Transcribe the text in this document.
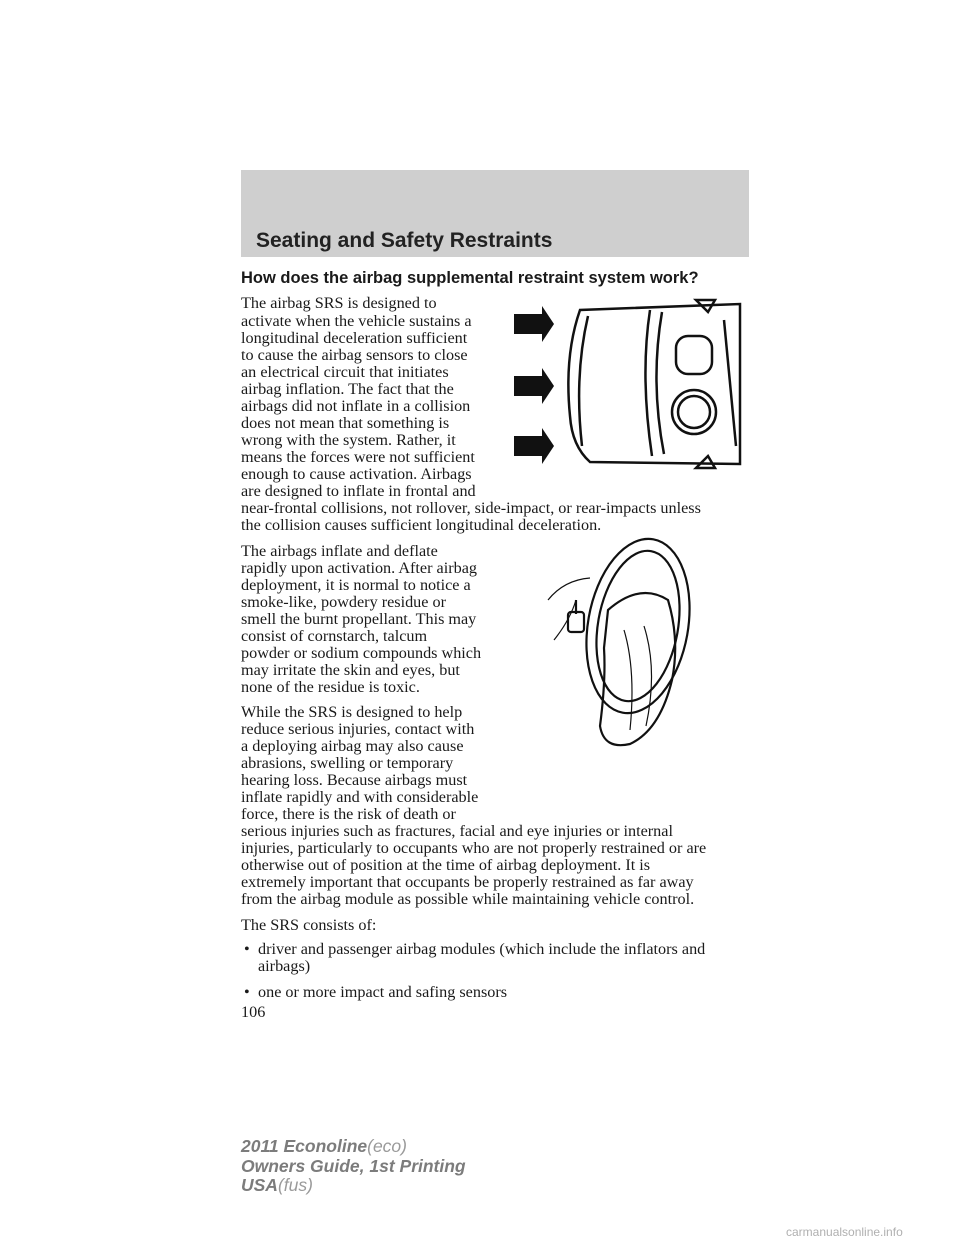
Seating and Safety Restraints
How does the airbag supplemental restraint system work?
The airbag SRS is designed to
activate when the vehicle sustains a
longitudinal deceleration sufficient
to cause the airbag sensors to close
an electrical circuit that initiates
airbag inflation. The fact that the
airbags did not inflate in a collision
does not mean that something is
wrong with the system. Rather, it
means the forces were not sufficient
enough to cause activation. Airbags
are designed to inflate in frontal and
near-frontal collisions, not rollover, side-impact, or rear-impacts unless
the collision causes sufficient longitudinal deceleration.
The airbags inflate and deflate
rapidly upon activation. After airbag
deployment, it is normal to notice a
smoke-like, powdery residue or
smell the burnt propellant. This may
consist of cornstarch, talcum
powder or sodium compounds which
may irritate the skin and eyes, but
none of the residue is toxic.
While the SRS is designed to help
reduce serious injuries, contact with
a deploying airbag may also cause
abrasions, swelling or temporary
hearing loss. Because airbags must
inflate rapidly and with considerable
force, there is the risk of death or
serious injuries such as fractures, facial and eye injuries or internal
injuries, particularly to occupants who are not properly restrained or are
otherwise out of position at the time of airbag deployment. It is
extremely important that occupants be properly restrained as far away
from the airbag module as possible while maintaining vehicle control.
The SRS consists of:
• driver and passenger airbag modules (which include the inflators and
airbags)
• one or more impact and safing sensors
106
2011 Econoline(eco)
Owners Guide, 1st Printing
USA(fus)
carmanualsonline.info
